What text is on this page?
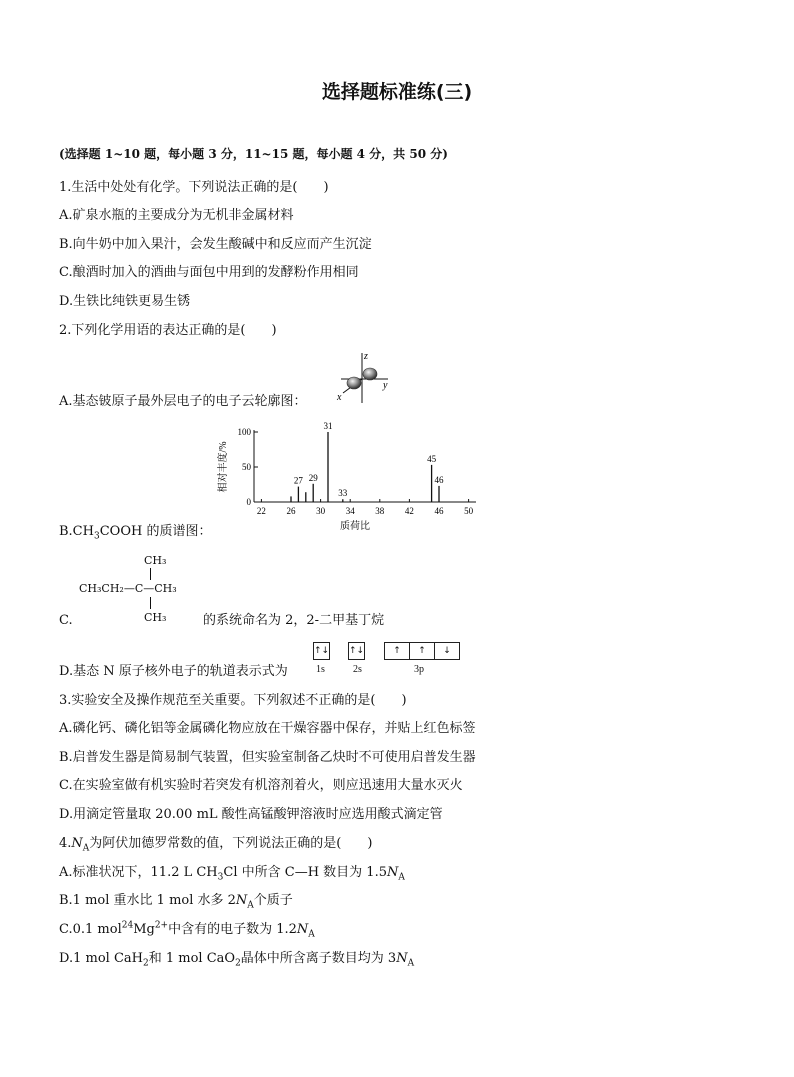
选择题标准练(三)
(选择题 1~10 题，每小题 3 分，11~15 题，每小题 4 分，共 50 分)
1.生活中处处有化学。下列说法正确的是(　　)
A.矿泉水瓶的主要成分为无机非金属材料
B.向牛奶中加入果汁，会发生酸碱中和反应而产生沉淀
C.酿酒时加入的酒曲与面包中用到的发酵粉作用相同
D.生铁比纯铁更易生锈
2.下列化学用语的表达正确的是(　　)
z
y
x
A.基态铍原子最外层电子的电子云轮廓图：
相对丰度/%
质荷比
0
50
100
22 26 30 34 38 42 46 50
27 29
31
33
45
46
$B.CH_3COOH$ 的质谱图：
CH₃
CH₃CH₂—C—CH₃
CH₃
C.	的系统命名为 2，2-二甲基丁烷
D.基态 N 原子核外电子的轨道表示式为
↑↓ ↑↓	↑	↑	↓
1s	2s	3p
3.实验安全及操作规范至关重要。下列叙述不正确的是(　　)
A.磷化钙、磷化铝等金属磷化物应放在干燥容器中保存，并贴上红色标签
B.启普发生器是简易制气装置，但实验室制备乙炔时不可使用启普发生器
C.在实验室做有机实验时若突发有机溶剂着火，则应迅速用大量水灭火
D.用滴定管量取 20.00 mL 酸性高锰酸钾溶液时应选用酸式滴定管
$4.N_A$为阿伏加德罗常数的值，下列说法正确的是(　　)
A.标准状况下，11.2 L $CH_3Cl$ 中所含 C—H 数目为 $1.5N_A$
B.1 mol 重水比 1 mol 水多 $2N_A$个质子
C.0.1 $mol^{24}Mg^{2+}$中含有的电子数为 $1.2N_A$
D.1 mol CaH$_2$和 1 mol CaO$_2$晶体中所含离子数目均为 $3N_A$
